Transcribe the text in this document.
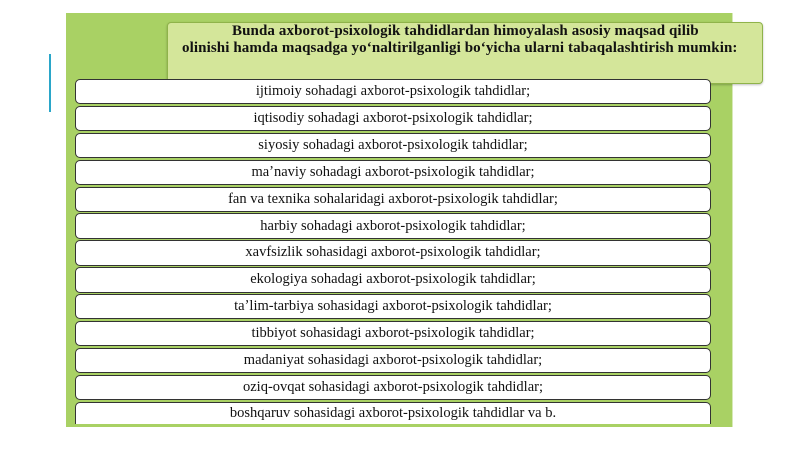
Bunda axborot-psixologik tahdidlardan himoyalash asosiy maqsad qilib olinishi hamda maqsadga yoʻnaltirilganligi boʻyicha ularni tabaqalashtirish mumkin:
ijtimoiy sohadagi axborot-psixologik tahdidlar;
iqtisodiy sohadagi axborot-psixologik tahdidlar;
siyosiy sohadagi axborot-psixologik tahdidlar;
maʼnaviy sohadagi axborot-psixologik tahdidlar;
fan va texnika sohalaridagi axborot-psixologik tahdidlar;
harbiy sohadagi axborot-psixologik tahdidlar;
xavfsizlik sohasidagi axborot-psixologik tahdidlar;
ekologiya sohadagi axborot-psixologik tahdidlar;
taʼlim-tarbiya sohasidagi axborot-psixologik tahdidlar;
tibbiyot sohasidagi axborot-psixologik tahdidlar;
madaniyat sohasidagi axborot-psixologik tahdidlar;
oziq-ovqat sohasidagi axborot-psixologik tahdidlar;
boshqaruv sohasidagi axborot-psixologik tahdidlar va b.
